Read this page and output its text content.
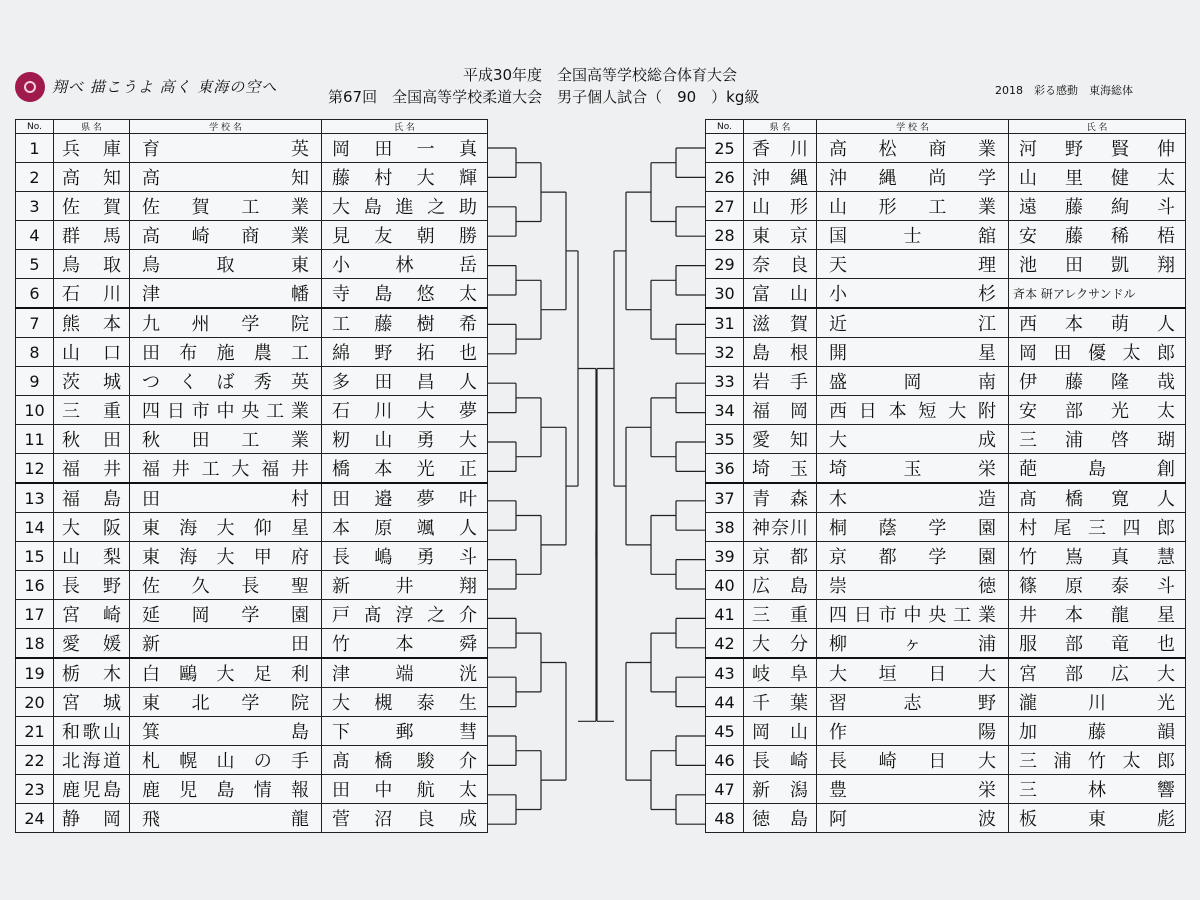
翔べ 描こうよ 高く 東海の空へ
平成30年度　全国高等学校総合体育大会
第67回　全国高等学校柔道大会　男子個人試合（　90　）kg級	2018　彩る感動　東海総体
No.	県 名	学 校 名	氏 名
1	兵庫	育英	岡田一真
2	高知	高知	藤村大輝
3	佐賀	佐賀工業	大島進之助
4	群馬	高崎商業	見友朝勝
5	鳥取	鳥取東	小林岳
6	石川	津幡	寺島悠太
7	熊本	九州学院	工藤樹希
8	山口	田布施農工	綿野拓也
9	茨城	つくば秀英	多田昌人
10	三重	四日市中央工業	石川大夢
11	秋田	秋田工業	籾山勇大
12	福井	福井工大福井	橋本光正
13	福島	田村	田邉夢叶
14	大阪	東海大仰星	本原颯人
15	山梨	東海大甲府	長嶋勇斗
16	長野	佐久長聖	新井翔
17	宮崎	延岡学園	戸髙淳之介
18	愛媛	新田	竹本舜
19	栃木	白鷗大足利	津端洸
20	宮城	東北学院	大槻泰生
21	和歌山	箕島	下郵彗
22	北海道	札幌山の手	髙橋駿介
23	鹿児島	鹿児島情報	田中航太
24	静岡	飛龍	菅沼良成
No.	県 名	学 校 名	氏 名
25	香川	高松商業	河野賢伸
26	沖縄	沖縄尚学	山里健太
27	山形	山形工業	遠藤絢斗
28	東京	国士舘	安藤稀梧
29	奈良	天理	池田凱翔
30	富山	小杉	斉本 研アレクサンドル
31	滋賀	近江	西本萌人
32	島根	開星	岡田優太郎
33	岩手	盛岡南	伊藤隆哉
34	福岡	西日本短大附	安部光太
35	愛知	大成	三浦啓瑚
36	埼玉	埼玉栄	葩島創
37	青森	木造	髙橋寛人
38	神奈川	桐蔭学園	村尾三四郎
39	京都	京都学園	竹嶌真慧
40	広島	崇徳	篠原泰斗
41	三重	四日市中央工業	井本龍星
42	大分	柳ヶ浦	服部竜也
43	岐阜	大垣日大	宮部広大
44	千葉	習志野	瀧川光
45	岡山	作陽	加藤韻
46	長崎	長崎日大	三浦竹太郎
47	新潟	豊栄	三林響
48	徳島	阿波	板東彪
